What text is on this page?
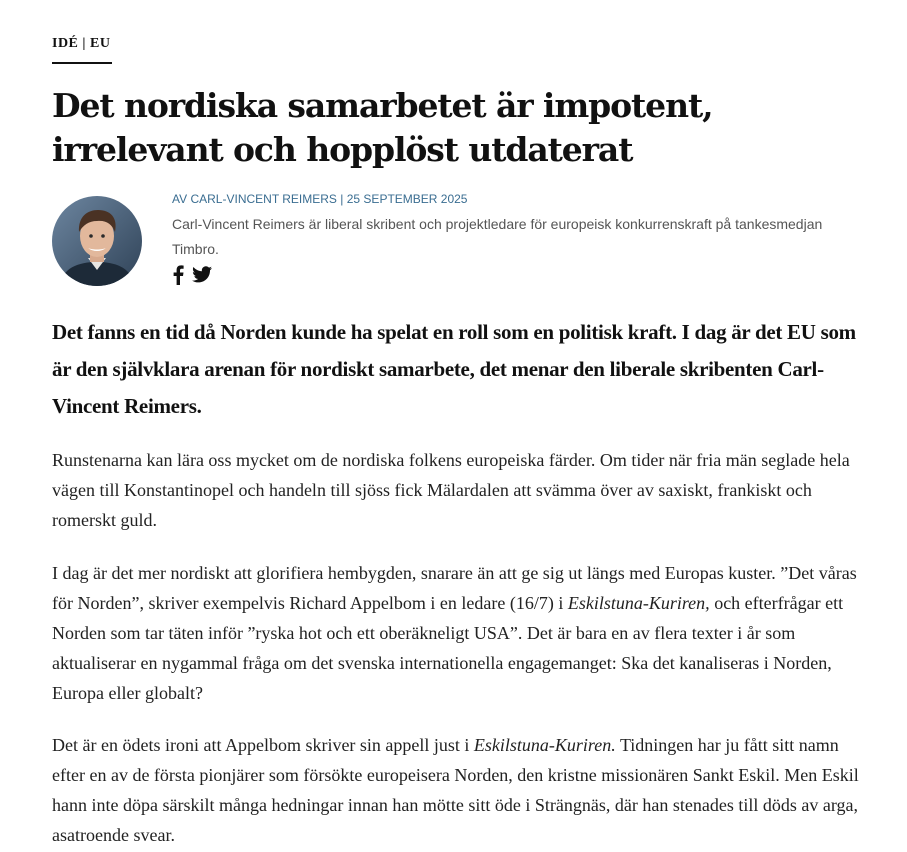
IDÉ | EU
Det nordiska samarbetet är impotent, irrelevant och hopplöst utdaterat
AV CARL-VINCENT REIMERS | 25 SEPTEMBER 2025
Carl-Vincent Reimers är liberal skribent och projektledare för europeisk konkurrenskraft på tankesmedjan Timbro.

Det fanns en tid då Norden kunde ha spelat en roll som en politisk kraft. I dag är det EU som är den självklara arenan för nordiskt samarbete, det menar den liberale skribenten Carl-Vincent Reimers.

Runstenarna kan lära oss mycket om de nordiska folkens europeiska färder. Om tider när fria män seglade hela vägen till Konstantinopel och handeln till sjöss fick Mälardalen att svämma över av saxiskt, frankiskt och romerskt guld.

I dag är det mer nordiskt att glorifiera hembygden, snarare än att ge sig ut längs med Europas kuster. ”Det våras för Norden”, skriver exempelvis Richard Appelbom i en ledare (16/7) i Eskilstuna-Kuriren, och efterfrågar ett Norden som tar täten inför ”ryska hot och ett oberäkneligt USA”. Det är bara en av flera texter i år som aktualiserar en nygammal fråga om det svenska internationella engagemanget: Ska det kanaliseras i Norden, Europa eller globalt?

Det är en ödets ironi att Appelbom skriver sin appell just i Eskilstuna-Kuriren. Tidningen har ju fått sitt namn efter en av de första pionjärer som försökte europeisera Norden, den kristne missionären Sankt Eskil. Men Eskil hann inte döpa särskilt många hedningar innan han mötte sitt öde i Strängnäs, där han stenades till döds av arga, asatroende svear.
